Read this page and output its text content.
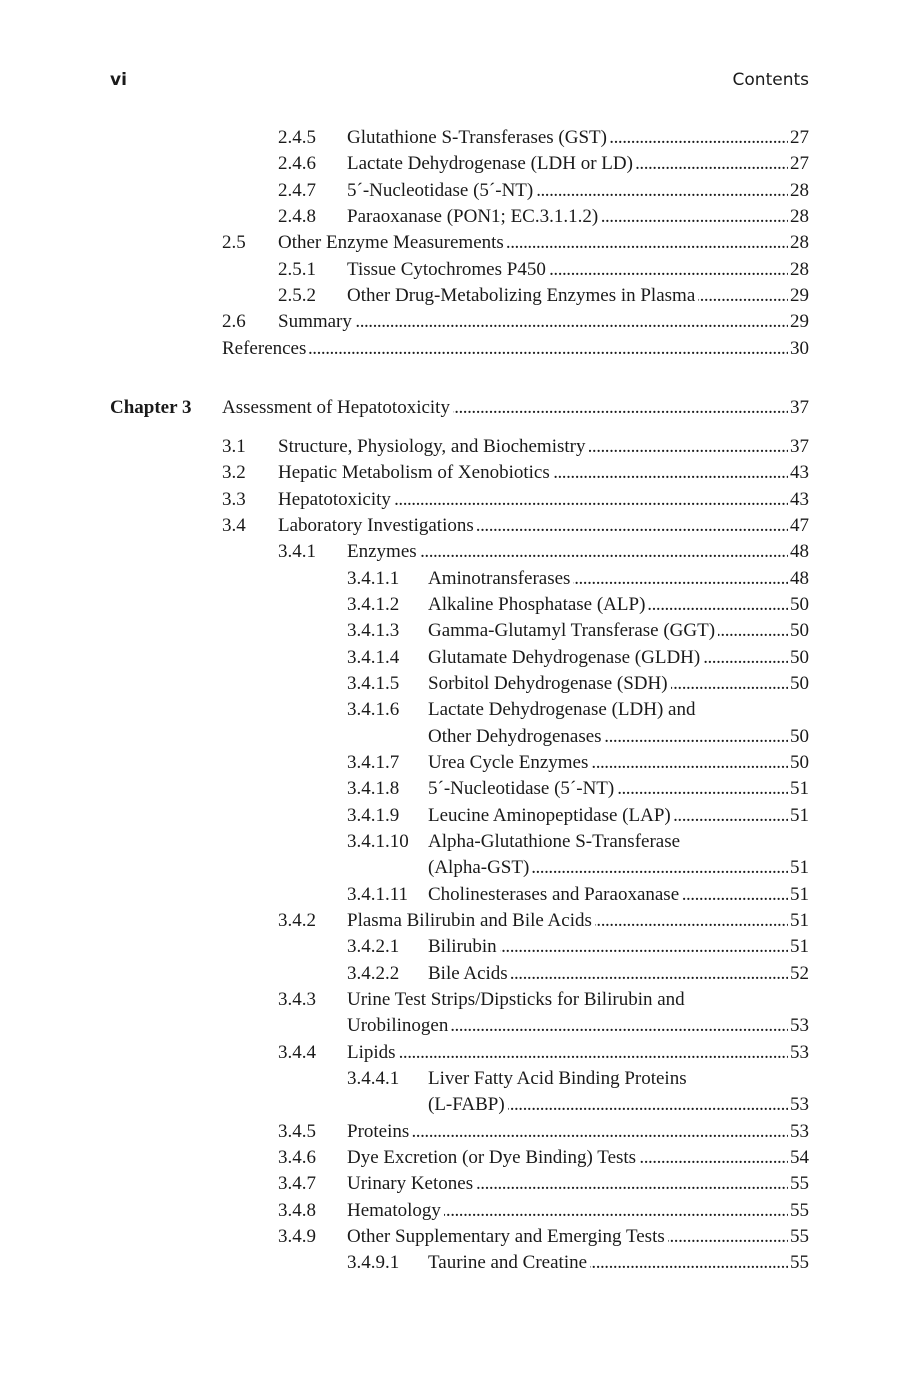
vi	Contents
2.4.5 Glutathione S-Transferases (GST) . . .	27
2.4.6 Lactate Dehydrogenase (LDH or LD) . . .	27
2.4.7 5´-Nucleotidase (5´-NT) . . .	28
2.4.8 Paraoxanase (PON1; EC.3.1.1.2) . . .	28
2.5 Other Enzyme Measurements . . .	28
2.5.1 Tissue Cytochromes P450 . . .	28
2.5.2 Other Drug-Metabolizing Enzymes in Plasma . . .	29
2.6 Summary . . .	29
References . . .	30
Chapter 3 Assessment of Hepatotoxicity . . .	37
3.1 Structure, Physiology, and Biochemistry . . .	37
3.2 Hepatic Metabolism of Xenobiotics . . .	43
3.3 Hepatotoxicity . . .	43
3.4 Laboratory Investigations . . .	47
3.4.1 Enzymes . . .	48
3.4.1.1 Aminotransferases . . .	48
3.4.1.2 Alkaline Phosphatase (ALP) . . .	50
3.4.1.3 Gamma-Glutamyl Transferase (GGT) . . .	50
3.4.1.4 Glutamate Dehydrogenase (GLDH) . . .	50
3.4.1.5 Sorbitol Dehydrogenase (SDH) . . .	50
3.4.1.6 Lactate Dehydrogenase (LDH) and
Other Dehydrogenases . . .	50
3.4.1.7 Urea Cycle Enzymes . . .	50
3.4.1.8 5´-Nucleotidase (5´-NT) . . .	51
3.4.1.9 Leucine Aminopeptidase (LAP) . . .	51
3.4.1.10 Alpha-Glutathione S-Transferase
(Alpha-GST) . . .	51
3.4.1.11 Cholinesterases and Paraoxanase . . .	51
3.4.2 Plasma Bilirubin and Bile Acids . . .	51
3.4.2.1 Bilirubin . . .	51
3.4.2.2 Bile Acids . . .	52
3.4.3 Urine Test Strips/Dipsticks for Bilirubin and
Urobilinogen . . .	53
3.4.4 Lipids . . .	53
3.4.4.1 Liver Fatty Acid Binding Proteins
(L-FABP) . . .	53
3.4.5 Proteins . . .	53
3.4.6 Dye Excretion (or Dye Binding) Tests . . .	54
3.4.7 Urinary Ketones . . .	55
3.4.8 Hematology . . .	55
3.4.9 Other Supplementary and Emerging Tests . . .	55
3.4.9.1 Taurine and Creatine . . .	55
